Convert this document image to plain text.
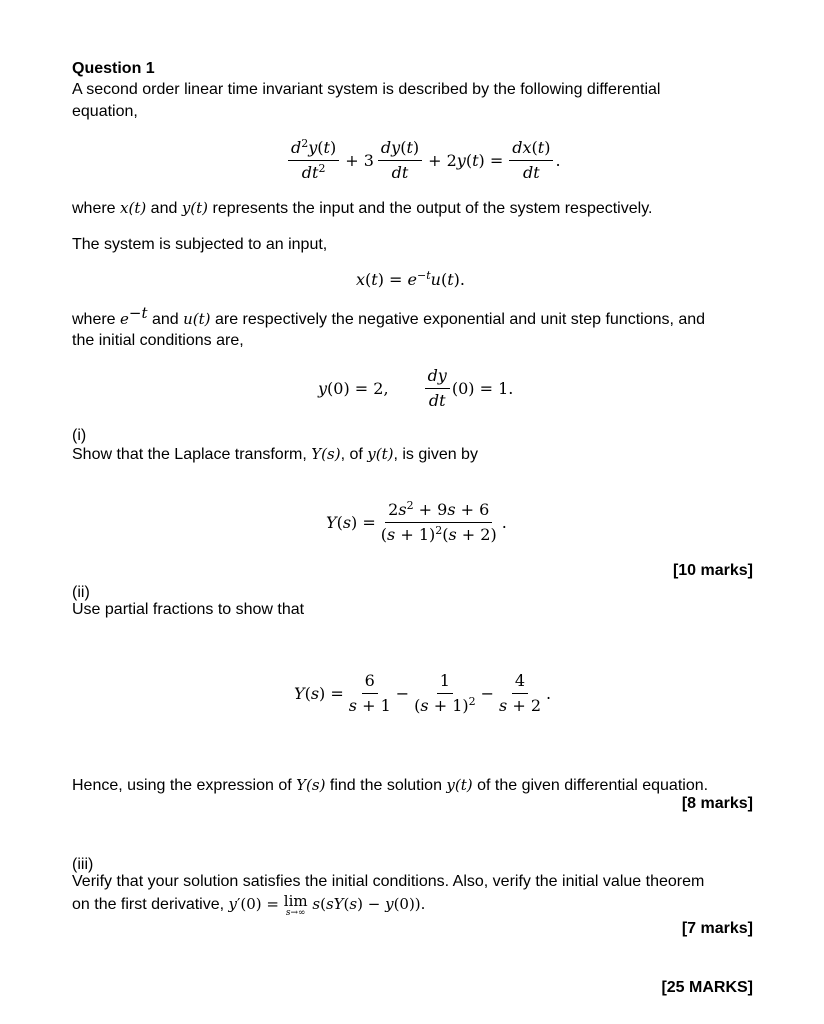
Question 1
A second order linear time invariant system is described by the following differential
equation,
$\frac{d^2y(t)}{dt^2} + 3 \frac{dy(t)}{dt} + 2y(t) = \frac{dx(t)}{dt}$ .
where x(t) and y(t) represents the input and the output of the system respectively.
The system is subjected to an input,
$x(t) = e^{-t}u(t)$.
where $e^{-t}$ and u(t) are respectively the negative exponential and unit step functions, and
the initial conditions are,
y(0) = 2, $\frac{dy}{dt} (0) = 1$.
(i)
Show that the Laplace transform, Y(s), of y(t), is given by
$Y(s) = \frac{2s^2 + 9s + 6}{(s + 1)^2(s + 2)}$ .
[10 marks]
(ii)
Use partial fractions to show that
$Y(s) = \frac{6}{s + 1} - \frac{1}{(s + 1)^2} - \frac{4}{s + 2}$ .
Hence, using the expression of Y(s) find the solution y(t) of the given differential equation.
[8 marks]
(iii)
Verify that your solution satisfies the initial conditions. Also, verify the initial value theorem
on the first derivative, y′(0) = lim
s→∞ s(sY(s) − y(0)).
[7 marks]
[25 MARKS]
